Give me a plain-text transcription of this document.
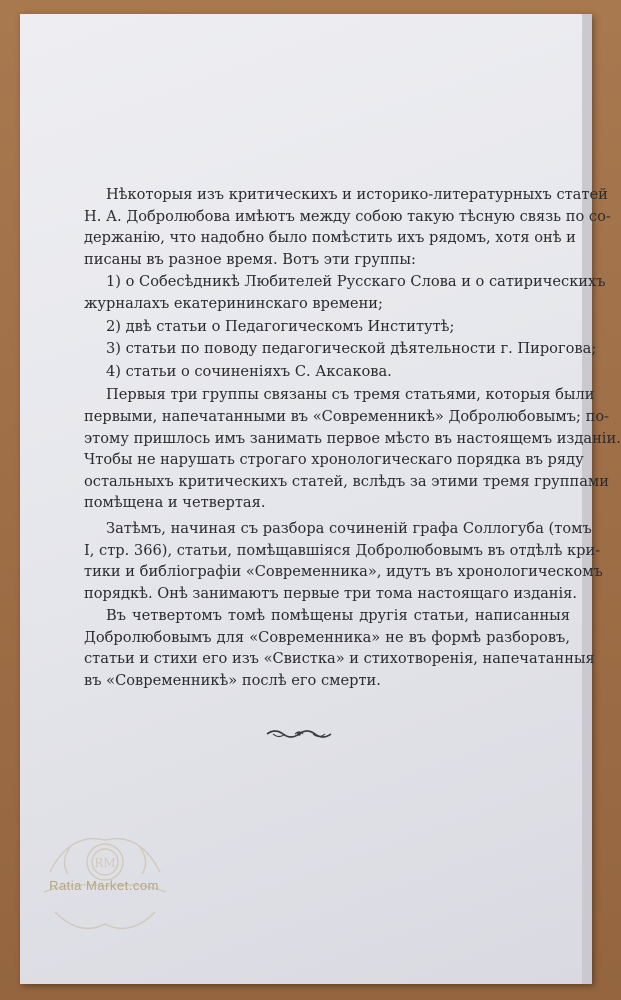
Нѣкоторыя изъ критическихъ и историко-литературныхъ статей
Н. А. Добролюбова имѣютъ между собою такую тѣсную связь по со-
держанію, что надобно было помѣстить ихъ рядомъ, хотя онѣ и
писаны въ разное время. Вотъ эти группы:

1) о Собесѣдникѣ Любителей Русскаго Слова и о сатирическихъ
журналахъ екатерининскаго времени;

2) двѣ статьи о Педагогическомъ Институтѣ;

3) статьи по поводу педагогической дѣятельности г. Пирогова;

4) статьи о сочиненіяхъ С. Аксакова.

Первыя три группы связаны съ тремя статьями, которыя были
первыми, напечатанными въ «Современникѣ» Добролюбовымъ; по-
этому пришлось имъ занимать первое мѣсто въ настоящемъ изданіи.
Чтобы не нарушать строгаго хронологическаго порядка въ ряду
остальныхъ критическихъ статей, вслѣдъ за этими тремя группами
помѣщена и четвертая.

Затѣмъ, начиная съ разбора сочиненій графа Соллогуба (томъ
I, стр. 366), статьи, помѣщавшіяся Добролюбовымъ въ отдѣлѣ кри-
тики и библіографіи «Современника», идутъ въ хронологическомъ
порядкѣ. Онѣ занимаютъ первые три тома настоящаго изданія.

Въ четвертомъ томѣ помѣщены другія статьи, написанныя
Добролюбовымъ для «Современника» не въ формѣ разборовъ,
статьи и стихи его изъ «Свистка» и стихотворенія, напечатанныя
въ «Современникѣ» послѣ его смерти.

RM
Ratia Market.com
